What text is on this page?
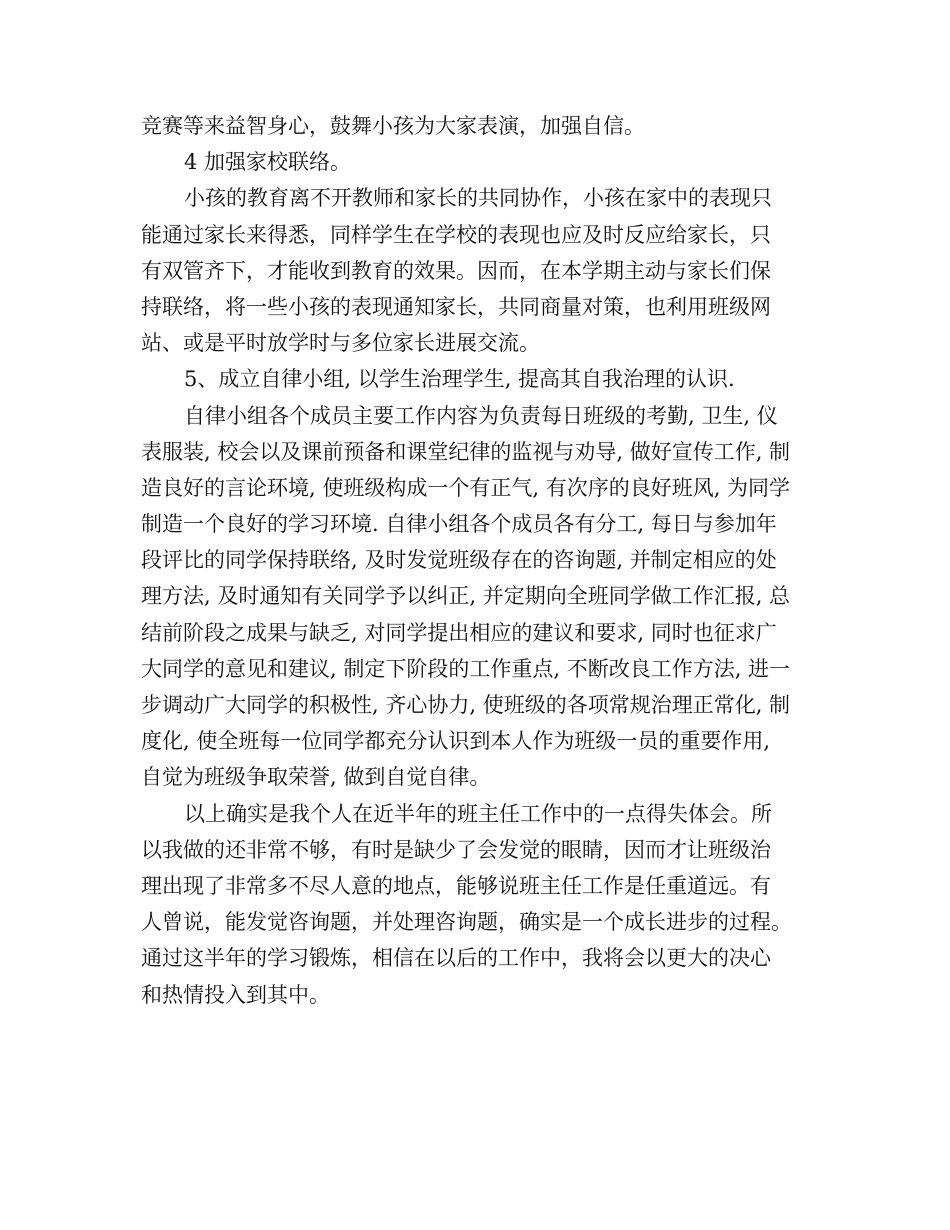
竞赛等来益智身心，鼓舞小孩为大家表演，加强自信。
4 加强家校联络。
小孩的教育离不开教师和家长的共同协作，小孩在家中的表现只
能通过家长来得悉，同样学生在学校的表现也应及时反应给家长，只
有双管齐下，才能收到教育的效果。因而，在本学期主动与家长们保
持联络，将一些小孩的表现通知家长，共同商量对策，也利用班级网
站、或是平时放学时与多位家长进展交流。
5、成立自律小组, 以学生治理学生, 提高其自我治理的认识.
自律小组各个成员主要工作内容为负责每日班级的考勤, 卫生, 仪
表服装, 校会以及课前预备和课堂纪律的监视与劝导, 做好宣传工作, 制
造良好的言论环境, 使班级构成一个有正气, 有次序的良好班风, 为同学
制造一个良好的学习环境. 自律小组各个成员各有分工, 每日与参加年
段评比的同学保持联络, 及时发觉班级存在的咨询题, 并制定相应的处
理方法, 及时通知有关同学予以纠正, 并定期向全班同学做工作汇报, 总
结前阶段之成果与缺乏, 对同学提出相应的建议和要求, 同时也征求广
大同学的意见和建议, 制定下阶段的工作重点, 不断改良工作方法, 进一
步调动广大同学的积极性, 齐心协力, 使班级的各项常规治理正常化, 制
度化, 使全班每一位同学都充分认识到本人作为班级一员的重要作用,
自觉为班级争取荣誉, 做到自觉自律。
以上确实是我个人在近半年的班主任工作中的一点得失体会。所
以我做的还非常不够，有时是缺少了会发觉的眼睛，因而才让班级治
理出现了非常多不尽人意的地点，能够说班主任工作是任重道远。有
人曾说，能发觉咨询题，并处理咨询题，确实是一个成长进步的过程。
通过这半年的学习锻炼，相信在以后的工作中，我将会以更大的决心
和热情投入到其中。
